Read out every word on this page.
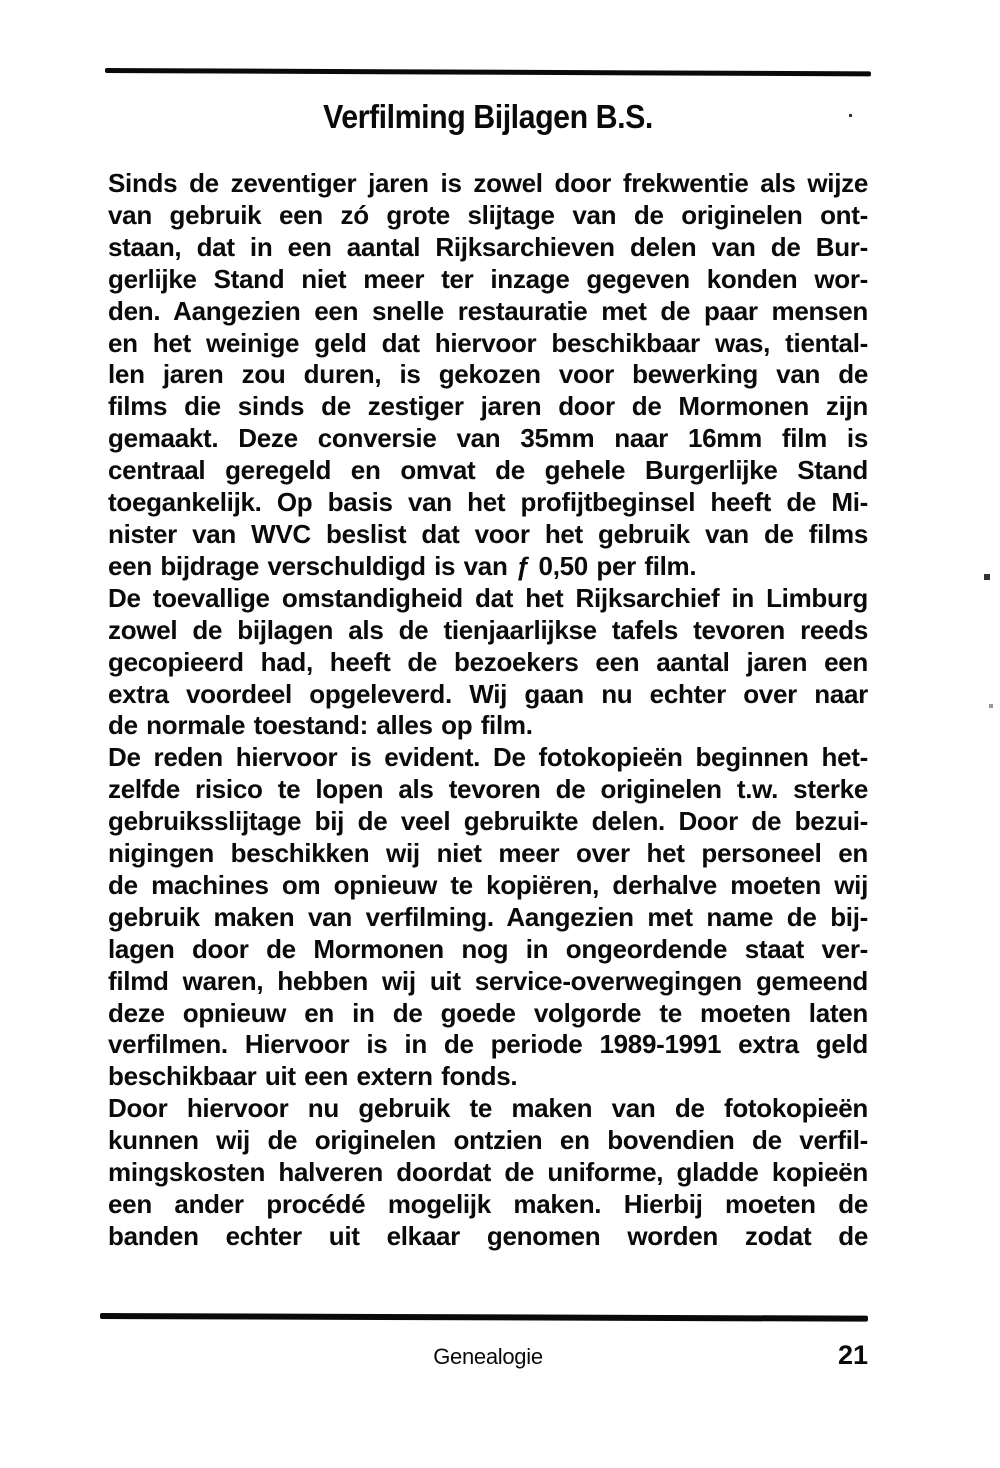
Verfilming Bijlagen B.S.
Sinds de zeventiger jaren is zowel door frekwentie als wijze
van gebruik een zó grote slijtage van de originelen ont-
staan, dat in een aantal Rijksarchieven delen van de Bur-
gerlijke Stand niet meer ter inzage gegeven konden wor-
den. Aangezien een snelle restauratie met de paar mensen
en het weinige geld dat hiervoor beschikbaar was, tiental-
len jaren zou duren, is gekozen voor bewerking van de
films die sinds de zestiger jaren door de Mormonen zijn
gemaakt. Deze conversie van 35mm naar 16mm film is
centraal geregeld en omvat de gehele Burgerlijke Stand
toegankelijk. Op basis van het profijtbeginsel heeft de Mi-
nister van WVC beslist dat voor het gebruik van de films
een bijdrage verschuldigd is van ƒ 0,50 per film.
De toevallige omstandigheid dat het Rijksarchief in Limburg
zowel de bijlagen als de tienjaarlijkse tafels tevoren reeds
gecopieerd had, heeft de bezoekers een aantal jaren een
extra voordeel opgeleverd. Wij gaan nu echter over naar
de normale toestand: alles op film.
De reden hiervoor is evident. De fotokopieën beginnen het-
zelfde risico te lopen als tevoren de originelen t.w. sterke
gebruiksslijtage bij de veel gebruikte delen. Door de bezui-
nigingen beschikken wij niet meer over het personeel en
de machines om opnieuw te kopiëren, derhalve moeten wij
gebruik maken van verfilming. Aangezien met name de bij-
lagen door de Mormonen nog in ongeordende staat ver-
filmd waren, hebben wij uit service-overwegingen gemeend
deze opnieuw en in de goede volgorde te moeten laten
verfilmen. Hiervoor is in de periode 1989-1991 extra geld
beschikbaar uit een extern fonds.
Door hiervoor nu gebruik te maken van de fotokopieën
kunnen wij de originelen ontzien en bovendien de verfil-
mingskosten halveren doordat de uniforme, gladde kopieën
een ander procédé mogelijk maken. Hierbij moeten de
banden echter uit elkaar genomen worden zodat de
Genealogie	21
